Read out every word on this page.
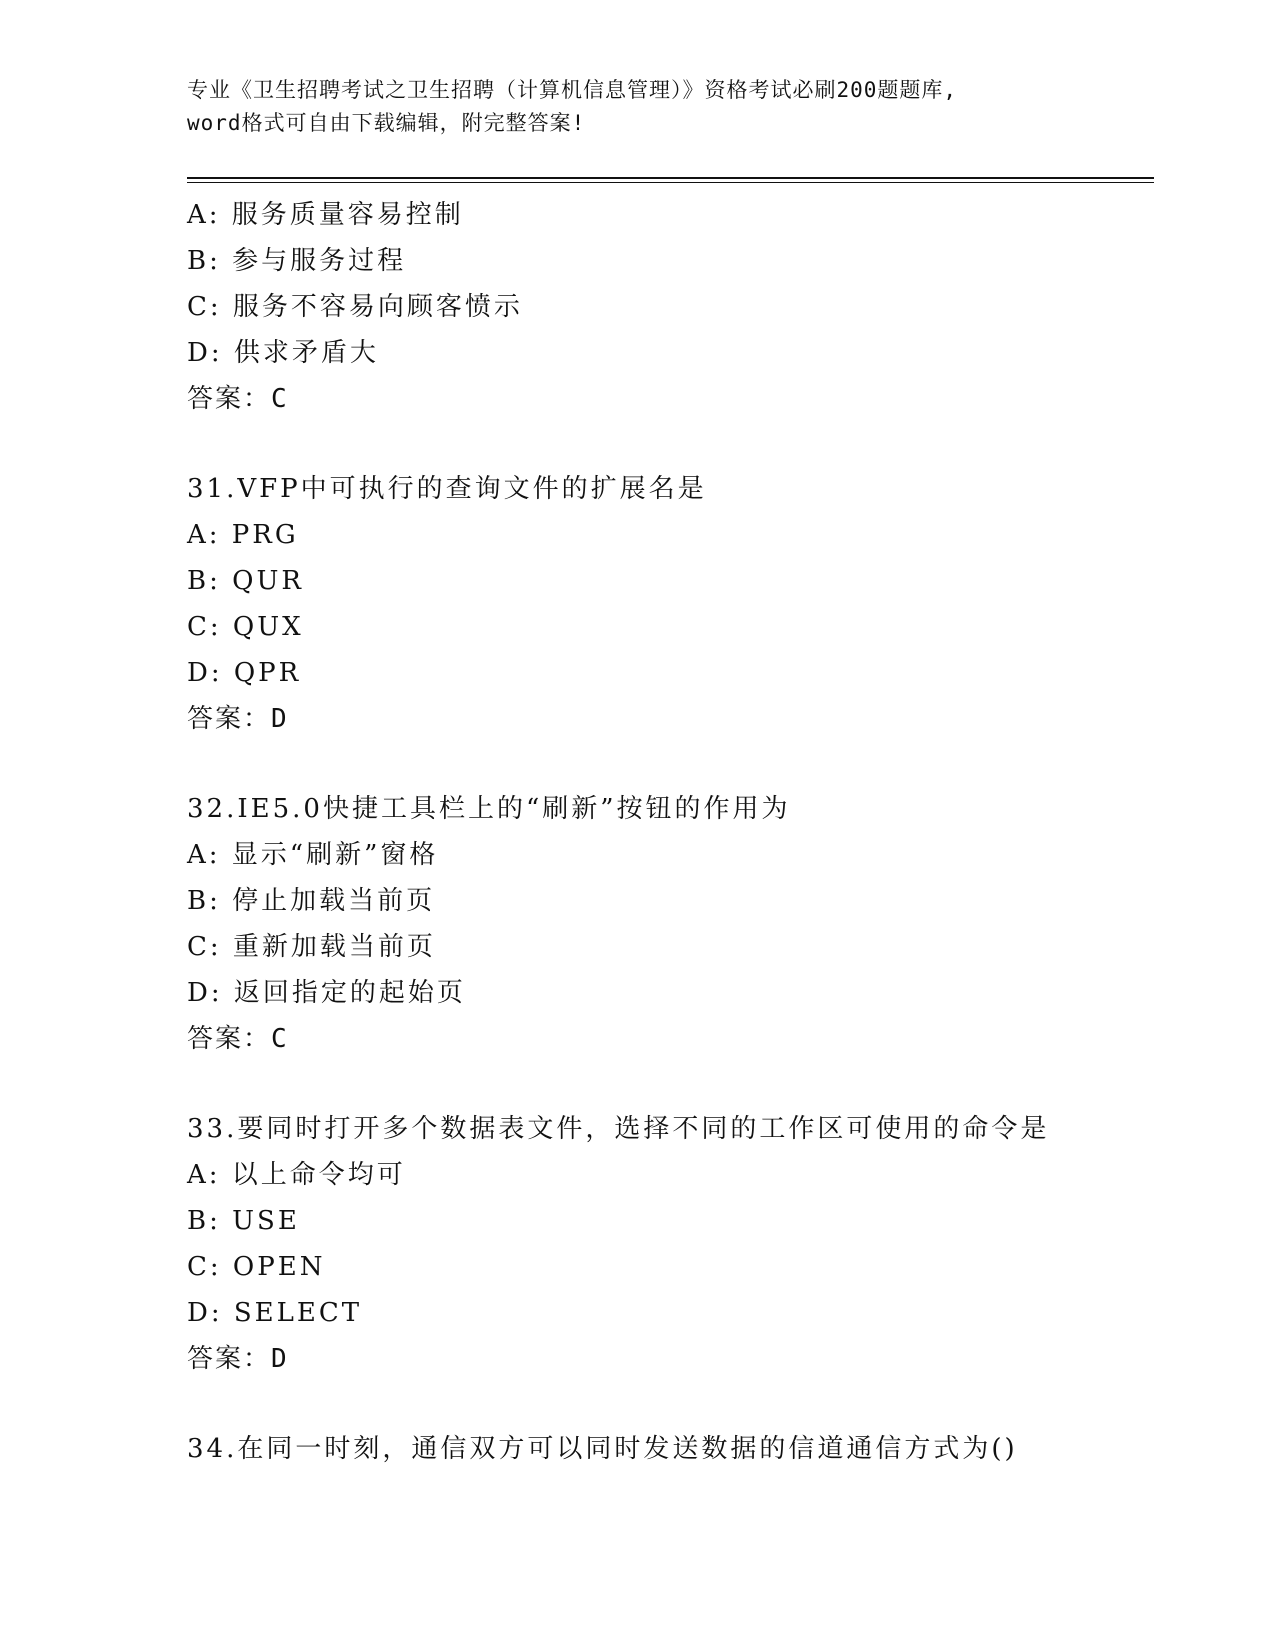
专业《卫生招聘考试之卫生招聘（计算机信息管理）》资格考试必刷200题题库,
word格式可自由下载编辑，附完整答案!
A: 服务质量容易控制
B: 参与服务过程
C: 服务不容易向顾客愤示
D: 供求矛盾大
答案：C
31.VFP中可执行的查询文件的扩展名是
A: PRG
B: QUR
C: QUX
D: QPR
答案：D
32.IE5.0快捷工具栏上的“刷新”按钮的作用为
A: 显示“刷新”窗格
B: 停止加载当前页
C: 重新加载当前页
D: 返回指定的起始页
答案：C
33.要同时打开多个数据表文件，选择不同的工作区可使用的命令是
A: 以上命令均可
B: USE
C: OPEN
D: SELECT
答案：D
34.在同一时刻，通信双方可以同时发送数据的信道通信方式为()
